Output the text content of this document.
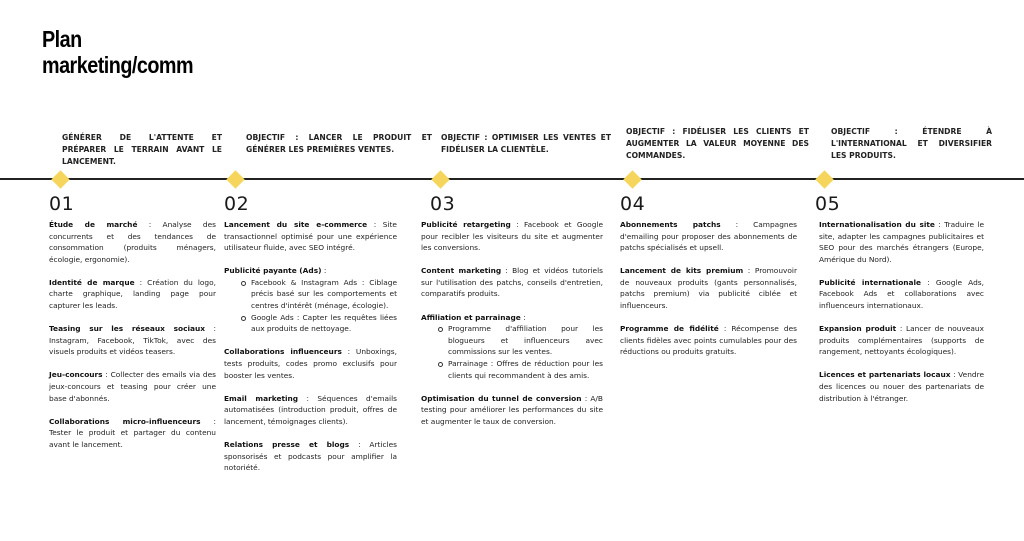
Plan
marketing/comm
GÉNÉRER DE L'ATTENTE ET PRÉPARER LE TERRAIN AVANT LE LANCEMENT.
01
Étude de marché : Analyse des concurrents et des tendances de consommation (produits ménagers, écologie, ergonomie).
Identité de marque : Création du logo, charte graphique, landing page pour capturer les leads.
Teasing sur les réseaux sociaux : Instagram, Facebook, TikTok, avec des visuels produits et vidéos teasers.
Jeu-concours : Collecter des emails via des jeux-concours et teasing pour créer une base d'abonnés.
Collaborations micro-influenceurs : Tester le produit et partager du contenu avant le lancement.
OBJECTIF : LANCER LE PRODUIT ET GÉNÉRER LES PREMIÈRES VENTES.
02
Lancement du site e-commerce : Site transactionnel optimisé pour une expérience utilisateur fluide, avec SEO intégré.
Publicité payante (Ads) :
Facebook & Instagram Ads : Ciblage précis basé sur les comportements et centres d'intérêt (ménage, écologie).
Google Ads : Capter les requêtes liées aux produits de nettoyage.
Collaborations influenceurs : Unboxings, tests produits, codes promo exclusifs pour booster les ventes.
Email marketing : Séquences d'emails automatisées (introduction produit, offres de lancement, témoignages clients).
Relations presse et blogs : Articles sponsorisés et podcasts pour amplifier la notoriété.
OBJECTIF : OPTIMISER LES VENTES ET FIDÉLISER LA CLIENTÈLE.
03
Publicité retargeting : Facebook et Google pour recibler les visiteurs du site et augmenter les conversions.
Content marketing : Blog et vidéos tutoriels sur l'utilisation des patchs, conseils d'entretien, comparatifs produits.
Affiliation et parrainage :
Programme d'affiliation pour les blogueurs et influenceurs avec commissions sur les ventes.
Parrainage : Offres de réduction pour les clients qui recommandent à des amis.
Optimisation du tunnel de conversion : A/B testing pour améliorer les performances du site et augmenter le taux de conversion.
OBJECTIF : FIDÉLISER LES CLIENTS ET AUGMENTER LA VALEUR MOYENNE DES COMMANDES.
04
Abonnements patchs : Campagnes d'emailing pour proposer des abonnements de patchs spécialisés et upsell.
Lancement de kits premium : Promouvoir de nouveaux produits (gants personnalisés, patchs premium) via publicité ciblée et influenceurs.
Programme de fidélité : Récompense des clients fidèles avec points cumulables pour des réductions ou produits gratuits.
OBJECTIF : ÉTENDRE À L'INTERNATIONAL ET DIVERSIFIER LES PRODUITS.
05
Internationalisation du site : Traduire le site, adapter les campagnes publicitaires et SEO pour des marchés étrangers (Europe, Amérique du Nord).
Publicité internationale : Google Ads, Facebook Ads et collaborations avec influenceurs internationaux.
Expansion produit : Lancer de nouveaux produits complémentaires (supports de rangement, nettoyants écologiques).
Licences et partenariats locaux : Vendre des licences ou nouer des partenariats de distribution à l'étranger.
